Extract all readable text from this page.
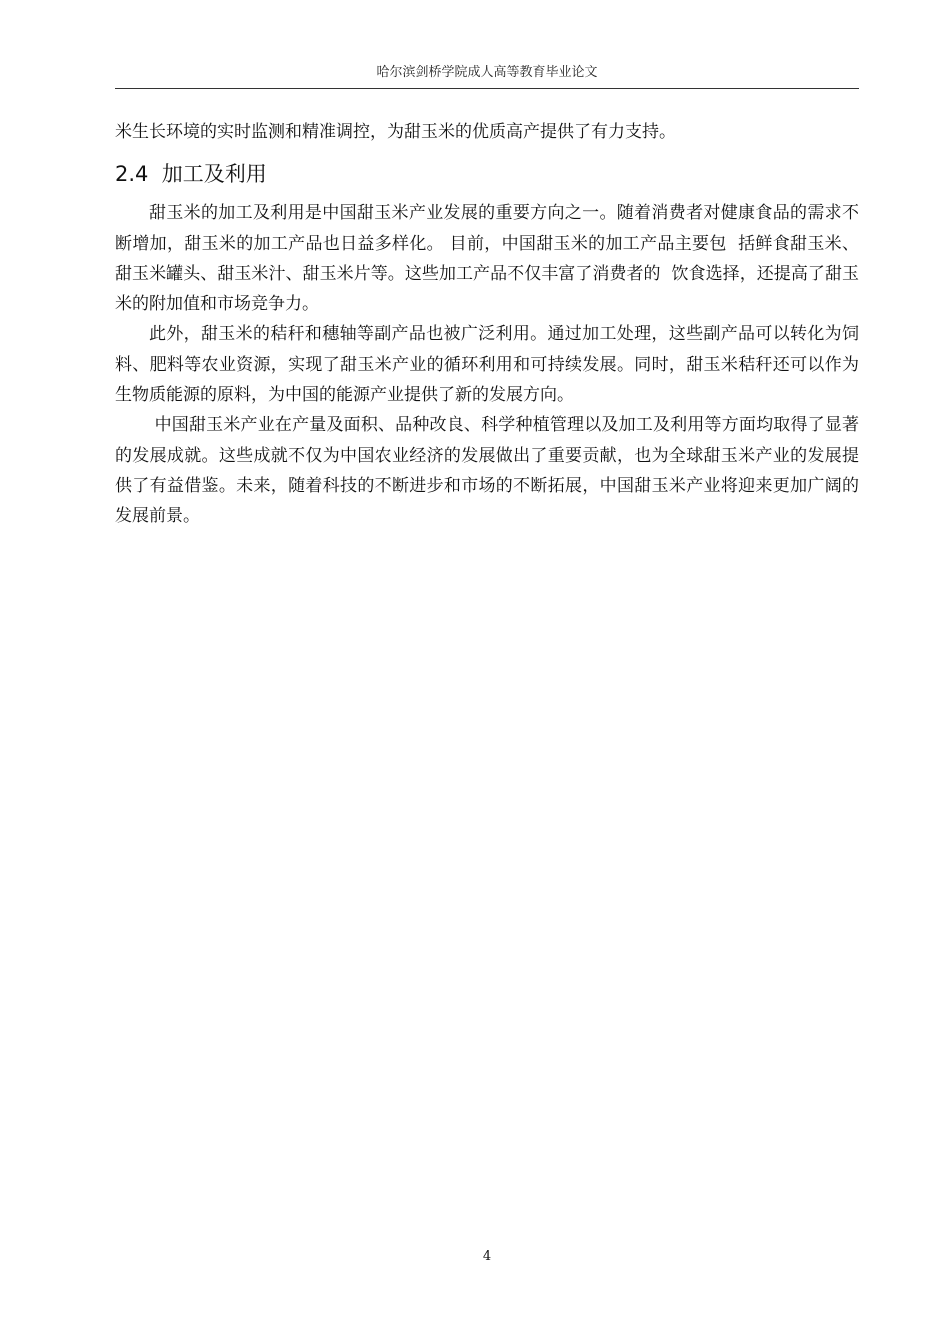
哈尔滨剑桥学院成人高等教育毕业论文

米生长环境的实时监测和精准调控，为甜玉米的优质高产提供了有力支持。

2.4  加工及利用

甜玉米的加工及利用是中国甜玉米产业发展的重要方向之一。随着消费者对健康食品的需求不断增加，甜玉米的加工产品也日益多样化。 目前，中国甜玉米的加工产品主要包  括鲜食甜玉米、甜玉米罐头、甜玉米汁、甜玉米片等。这些加工产品不仅丰富了消费者的  饮食选择，还提高了甜玉米的附加值和市场竞争力。

此外，甜玉米的秸秆和穗轴等副产品也被广泛利用。通过加工处理，这些副产品可以转化为饲料、肥料等农业资源，实现了甜玉米产业的循环利用和可持续发展。同时，甜玉米秸秆还可以作为生物质能源的原料，为中国的能源产业提供了新的发展方向。

中国甜玉米产业在产量及面积、品种改良、科学种植管理以及加工及利用等方面均取得了显著的发展成就。这些成就不仅为中国农业经济的发展做出了重要贡献，也为全球甜玉米产业的发展提供了有益借鉴。未来，随着科技的不断进步和市场的不断拓展，中国甜玉米产业将迎来更加广阔的发展前景。

4
